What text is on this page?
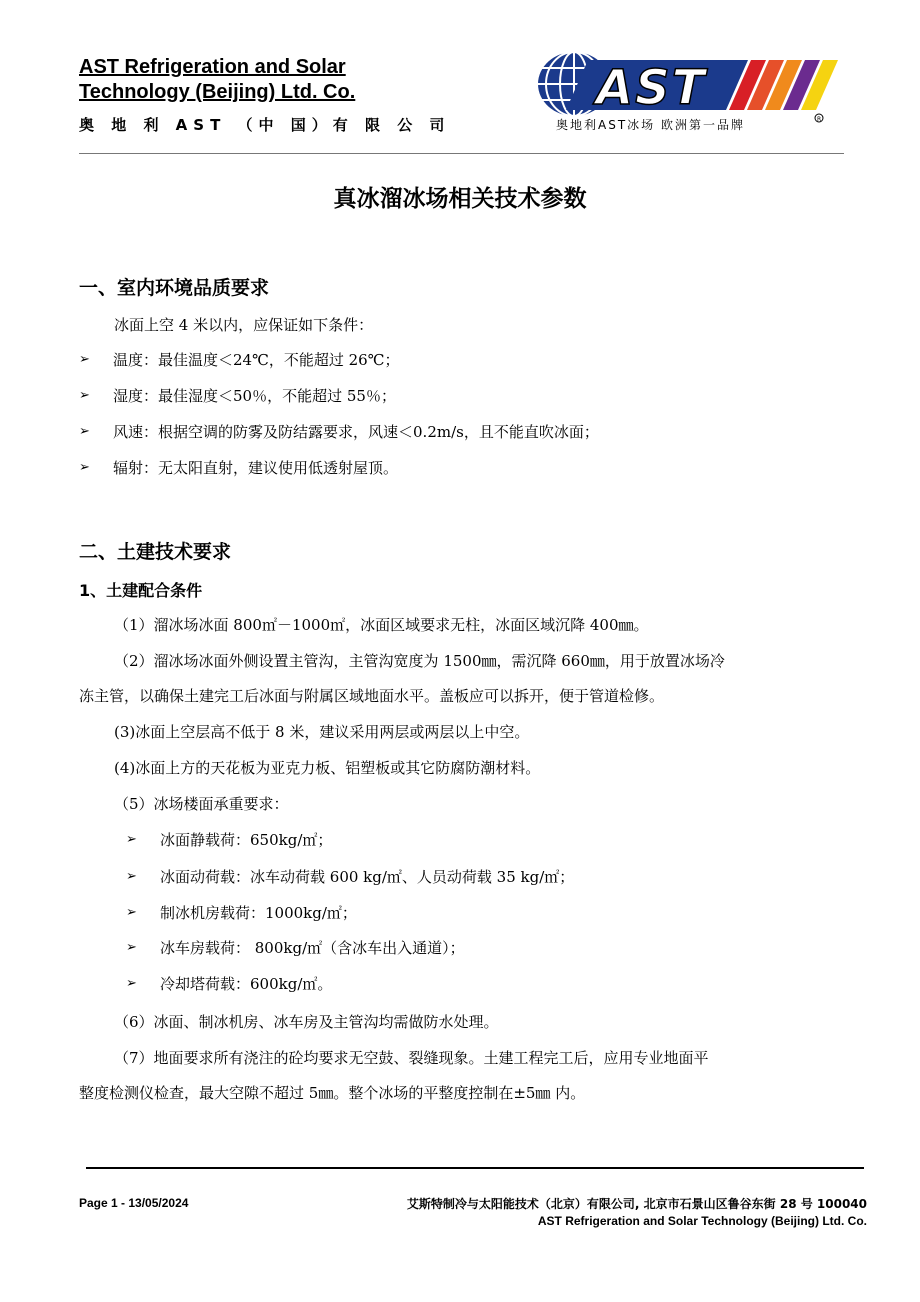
AST Refrigeration and Solar
Technology (Beijing) Ltd. Co.
奥 地 利 AST （中 国）有 限 公 司
AST
R
奥地利AST冰场 欧洲第一品牌
真冰溜冰场相关技术参数
一、室内环境品质要求
冰面上空 4 米以内，应保证如下条件：
➢	温度：最佳温度＜24℃，不能超过 26℃；
➢	湿度：最佳湿度＜50％，不能超过 55％；
➢	风速：根据空调的防雾及防结露要求，风速＜0.2m/s，且不能直吹冰面；
➢	辐射：无太阳直射，建议使用低透射屋顶。
二、土建技术要求
1、土建配合条件
（1）溜冰场冰面 800㎡－1000㎡，冰面区域要求无柱，冰面区域沉降 400㎜。
（2）溜冰场冰面外侧设置主管沟，主管沟宽度为 1500㎜，需沉降 660㎜，用于放置冰场冷
冻主管，以确保土建完工后冰面与附属区域地面水平。盖板应可以拆开，便于管道检修。
(3)冰面上空层高不低于 8 米，建议采用两层或两层以上中空。
(4)冰面上方的天花板为亚克力板、铝塑板或其它防腐防潮材料。
（5）冰场楼面承重要求：
➢	冰面静载荷：650kg/㎡；
➢	冰面动荷载：冰车动荷载 600 kg/㎡、人员动荷载 35 kg/㎡；
➢	制冰机房载荷：1000kg/㎡；
➢	冰车房载荷： 800kg/㎡（含冰车出入通道）；
➢	冷却塔荷载：600kg/㎡。
（6）冰面、制冰机房、冰车房及主管沟均需做防水处理。
（7）地面要求所有浇注的砼均要求无空鼓、裂缝现象。土建工程完工后，应用专业地面平
整度检测仪检查，最大空隙不超过 5㎜。整个冰场的平整度控制在±5㎜ 内。
Page 1 - 13/05/2024	艾斯特制冷与太阳能技术（北京）有限公司, 北京市石景山区鲁谷东街 28 号 100040
AST Refrigeration and Solar Technology (Beijing) Ltd. Co.
